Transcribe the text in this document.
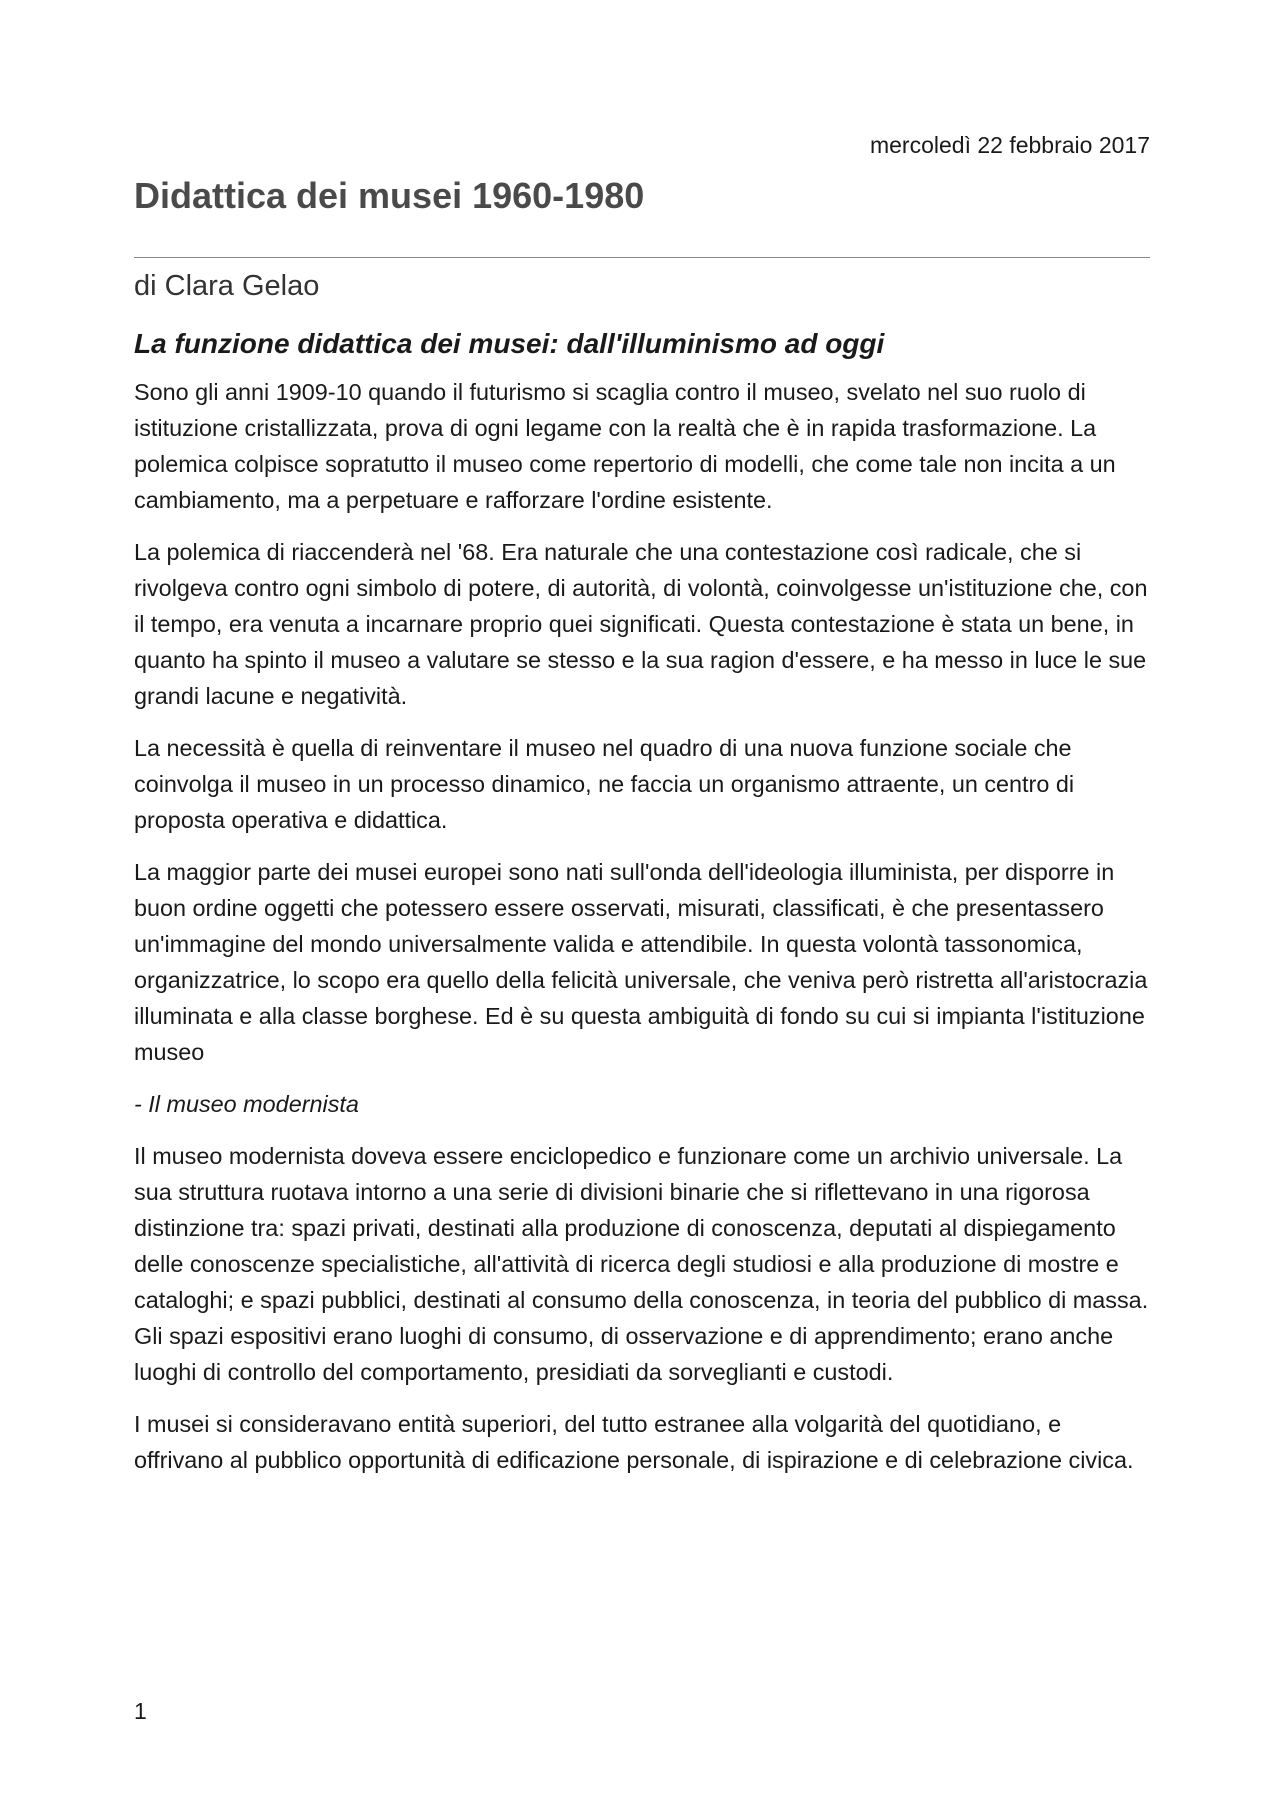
mercoledì 22 febbraio 2017
Didattica dei musei 1960-1980
di Clara Gelao
La funzione didattica dei musei: dall'illuminismo ad oggi

Sono gli anni 1909-10 quando il futurismo si scaglia contro il museo, svelato nel suo ruolo di istituzione cristallizzata, prova di ogni legame con la realtà che è in rapida trasformazione. La polemica colpisce sopratutto il museo come repertorio di modelli, che come tale non incita a un cambiamento, ma a perpetuare e rafforzare l'ordine esistente.

La polemica di riaccenderà nel '68. Era naturale che una contestazione così radicale, che si rivolgeva contro ogni simbolo di potere, di autorità, di volontà, coinvolgesse un'istituzione che, con il tempo, era venuta a incarnare proprio quei significati. Questa contestazione è stata un bene, in quanto ha spinto il museo a valutare se stesso e la sua ragion d'essere, e ha messo in luce le sue grandi lacune e negatività.

La necessità è quella di reinventare il museo nel quadro di una nuova funzione sociale che coinvolga il museo in un processo dinamico, ne faccia un organismo attraente, un centro di proposta operativa e didattica.

La maggior parte dei musei europei sono nati sull'onda dell'ideologia illuminista, per disporre in buon ordine oggetti che potessero essere osservati, misurati, classificati, è che presentassero un'immagine del mondo universalmente valida e attendibile. In questa volontà tassonomica, organizzatrice, lo scopo era quello della felicità universale, che veniva però ristretta all'aristocrazia illuminata e alla classe borghese. Ed è su questa ambiguità di fondo su cui si impianta l'istituzione museo

- Il museo modernista

Il museo modernista doveva essere enciclopedico e funzionare come un archivio universale. La sua struttura ruotava intorno a una serie di divisioni binarie che si riflettevano in una rigorosa distinzione tra: spazi privati, destinati alla produzione di conoscenza, deputati al dispiegamento delle conoscenze specialistiche, all'attività di ricerca degli studiosi e alla produzione di mostre e cataloghi; e spazi pubblici, destinati al consumo della conoscenza, in teoria del pubblico di massa. Gli spazi espositivi erano luoghi di consumo, di osservazione e di apprendimento; erano anche luoghi di controllo del comportamento, presidiati da sorveglianti e custodi.

I musei si consideravano entità superiori, del tutto estranee alla volgarità del quotidiano, e offrivano al pubblico opportunità di edificazione personale, di ispirazione e di celebrazione civica.

1
